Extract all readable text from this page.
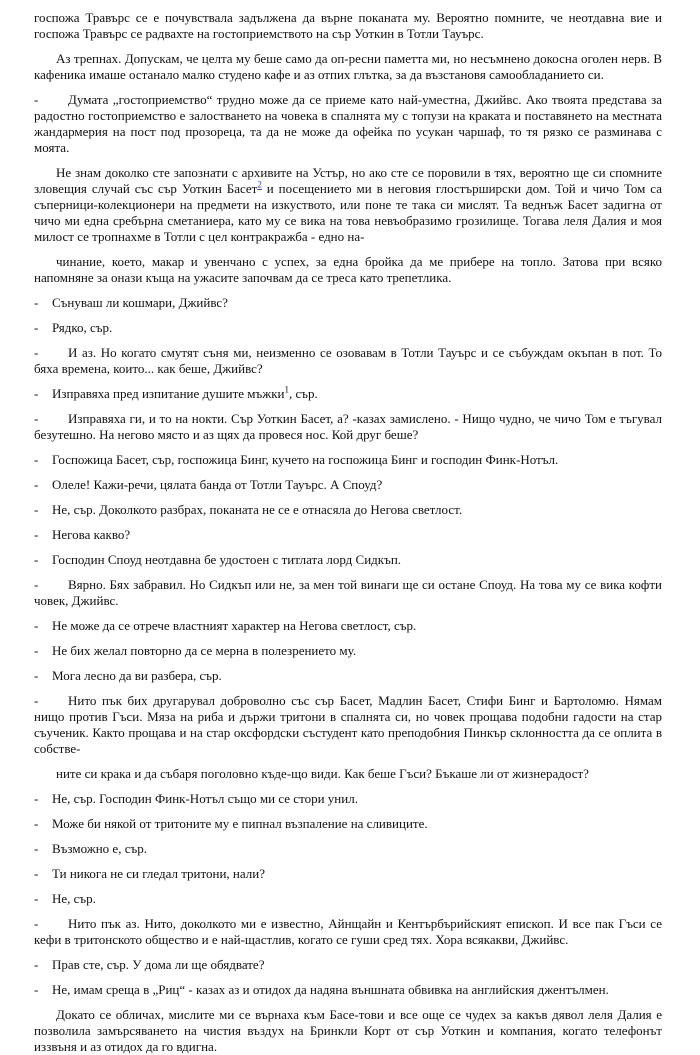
госпожа Травърс се е почувствала задължена да върне поканата му. Вероятно помните, че неотдавна вие и госпожа Травърс се радвахте на гостоприемството на сър Уоткин в Тотли Тауърс.

Аз трепнах. Допускам, че целта му беше само да оп-ресни паметта ми, но несъмнено докосна оголен нерв. В кафеника имаше останало малко студено кафе и аз отпих глътка, за да възстановя самообладанието си.

- Думата „гостоприемство“ трудно може да се приеме като най-уместна, Джийвс. Ако твоята представа за радостно гостоприемство е залостването на човека в спалнята му с топузи на краката и поставянето на местната жандармерия на пост под прозореца, та да не може да офейка по усукан чаршаф, то тя рязко се разминава с моята.

Не знам доколко сте запознати с архивите на Устър, но ако сте се поровили в тях, вероятно ще си спомните зловещия случай със сър Уоткин Басет$^2$ и посещението ми в неговия глостърширски дом. Той и чичо Том са съперници-колекционери на предмети на изкуството, или поне те така си мислят. Та веднъж Басет задигна от чичо ми една сребърна сметаниера, като му се вика на това невъобразимо грозилище. Тогава леля Далия и моя милост се тропнахме в Тотли с цел контракражба - едно на-

чинание, което, макар и увенчано с успех, за една бройка да ме прибере на топло. Затова при всяко напомняне за онази къща на ужасите започвам да се треса като трепетлика.

-	Сънуваш ли кошмари, Джийвс?
-	Рядко, сър.
- И аз. Но когато смутят съня ми, неизменно се озовавам в Тотли Тауърс и се събуждам окъпан в пот. То бяха времена, които... как беше, Джийвс?
-	Изправяха пред изпитание душите мъжки$^1$, сър.
- Изправяха ги, и то на нокти. Сър Уоткин Басет, а? -казах замислено. - Нищо чудно, че чичо Том е тъгувал безутешно. На негово място и аз щях да провеся нос. Кой друг беше?
-	Госпожица Басет, сър, госпожица Бинг, кучето на госпожица Бинг и господин Финк-Нотъл.
-	Олеле! Кажи-речи, цялата банда от Тотли Тауърс. А Споуд?
-	Не, сър. Доколкото разбрах, поканата не се е отнасяла до Негова светлост.
-	Негова какво?
-	Господин Споуд неотдавна бе удостоен с титлата лорд Сидкъп.
- Вярно. Бях забравил. Но Сидкъп или не, за мен той винаги ще си остане Споуд. На това му се вика кофти човек, Джийвс.
-	Не може да се отрече властният характер на Негова светлост, сър.
-	Не бих желал повторно да се мерна в полезрението му.
-	Мога лесно да ви разбера, сър.
- Нито пък бих другарувал доброволно със сър Басет, Мадлин Басет, Стифи Бинг и Бартоломю. Нямам нищо против Гъси. Мяза на риба и държи тритони в спалнята си, но човек прощава подобни гадости на стар съученик. Както прощава и на стар оксфордски състудент като преподобния Пинкър склонността да се оплита в собстве-

ните си крака и да събаря поголовно къде-що види. Как беше Гъси? Бъкаше ли от жизнерадост?

-	Не, сър. Господин Финк-Нотъл също ми се стори унил.
-	Може би някой от тритоните му е пипнал възпаление на сливиците.
-	Възможно е, сър.
-	Ти никога не си гледал тритони, нали?
-	Не, сър.
- Нито пък аз. Нито, доколкото ми е известно, Айнщайн и Кентърбърийският епископ. И все пак Гъси се кефи в тритонското общество и е най-щастлив, когато се гуши сред тях. Хора всякакви, Джийвс.
-	Прав сте, сър. У дома ли ще обядвате?
-	Не, имам среща в „Риц“ - казах аз и отидох да надяна външната обвивка на английския джентълмен.

Докато се обличах, мислите ми се върнаха към Басе-тови и все още се чудех за какъв дявол леля Далия е позволила замърсяването на чистия въздух на Бринкли Корт от сър Уоткин и компания, когато телефонът иззвъня и аз отидох да го вдигна.
